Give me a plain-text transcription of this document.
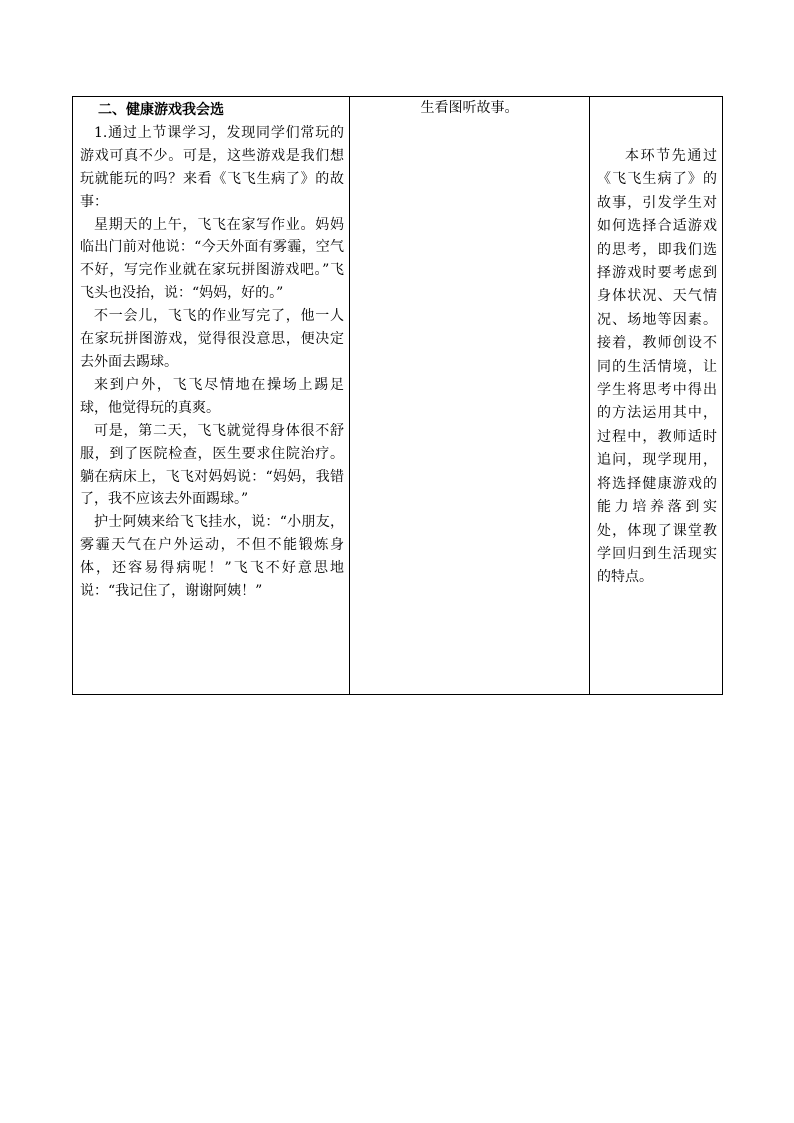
二、健康游戏我会选
1.通过上节课学习，发现同学们常玩的游戏可真不少。可是，这些游戏是我们想玩就能玩的吗？来看《飞飞生病了》的故事：
星期天的上午，飞飞在家写作业。妈妈临出门前对他说：“今天外面有雾霾，空气不好，写完作业就在家玩拼图游戏吧。”飞飞头也没抬，说：“妈妈，好的。”
不一会儿，飞飞的作业写完了，他一人在家玩拼图游戏，觉得很没意思，便决定去外面去踢球。
来到户外，飞飞尽情地在操场上踢足球，他觉得玩的真爽。
可是，第二天，飞飞就觉得身体很不舒服，到了医院检查，医生要求住院治疗。躺在病床上，飞飞对妈妈说：“妈妈，我错了，我不应该去外面踢球。”
护士阿姨来给飞飞挂水，说：“小朋友，雾霾天气在户外运动，不但不能锻炼身体，还容易得病呢！”飞飞不好意思地说：“我记住了，谢谢阿姨！”

生看图听故事。

本环节先通过《飞飞生病了》的故事，引发学生对如何选择合适游戏的思考，即我们选择游戏时要考虑到身体状况、天气情况、场地等因素。接着，教师创设不同的生活情境，让学生将思考中得出的方法运用其中，过程中，教师适时追问，现学现用，将选择健康游戏的能力培养落到实处，体现了课堂教学回归到生活现实的特点。
